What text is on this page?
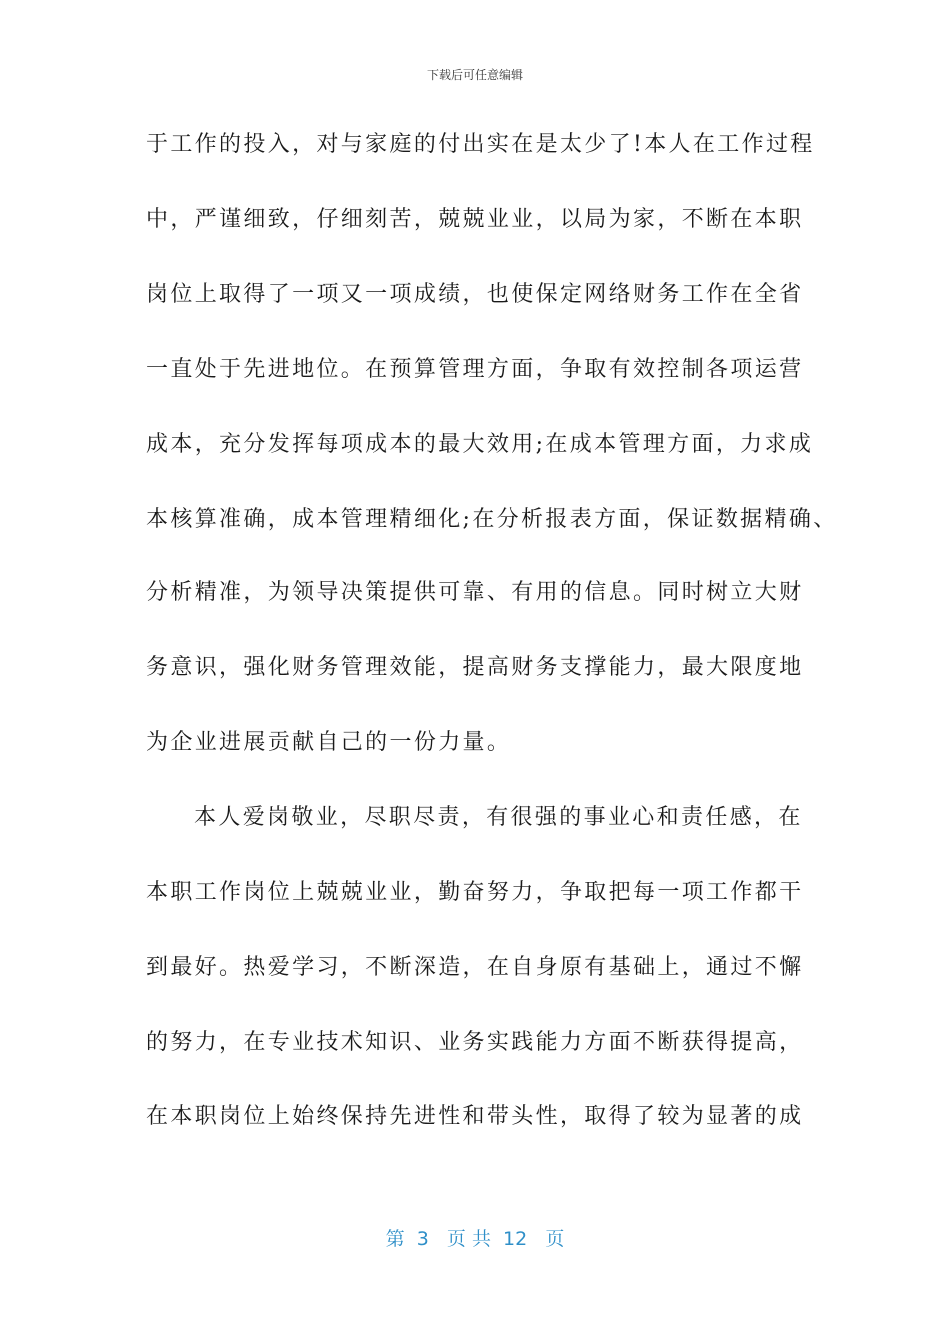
下载后可任意编辑
于工作的投入，对与家庭的付出实在是太少了!本人在工作过程
中，严谨细致，仔细刻苦，兢兢业业，以局为家，不断在本职
岗位上取得了一项又一项成绩，也使保定网络财务工作在全省
一直处于先进地位。在预算管理方面，争取有效控制各项运营
成本，充分发挥每项成本的最大效用;在成本管理方面，力求成
本核算准确，成本管理精细化;在分析报表方面，保证数据精确、
分析精准，为领导决策提供可靠、有用的信息。同时树立大财
务意识，强化财务管理效能，提高财务支撑能力，最大限度地
为企业进展贡献自己的一份力量。
本人爱岗敬业，尽职尽责，有很强的事业心和责任感，在
本职工作岗位上兢兢业业，勤奋努力，争取把每一项工作都干
到最好。热爱学习，不断深造，在自身原有基础上，通过不懈
的努力，在专业技术知识、业务实践能力方面不断获得提高，
在本职岗位上始终保持先进性和带头性，取得了较为显著的成
第  3   页 共  12   页
